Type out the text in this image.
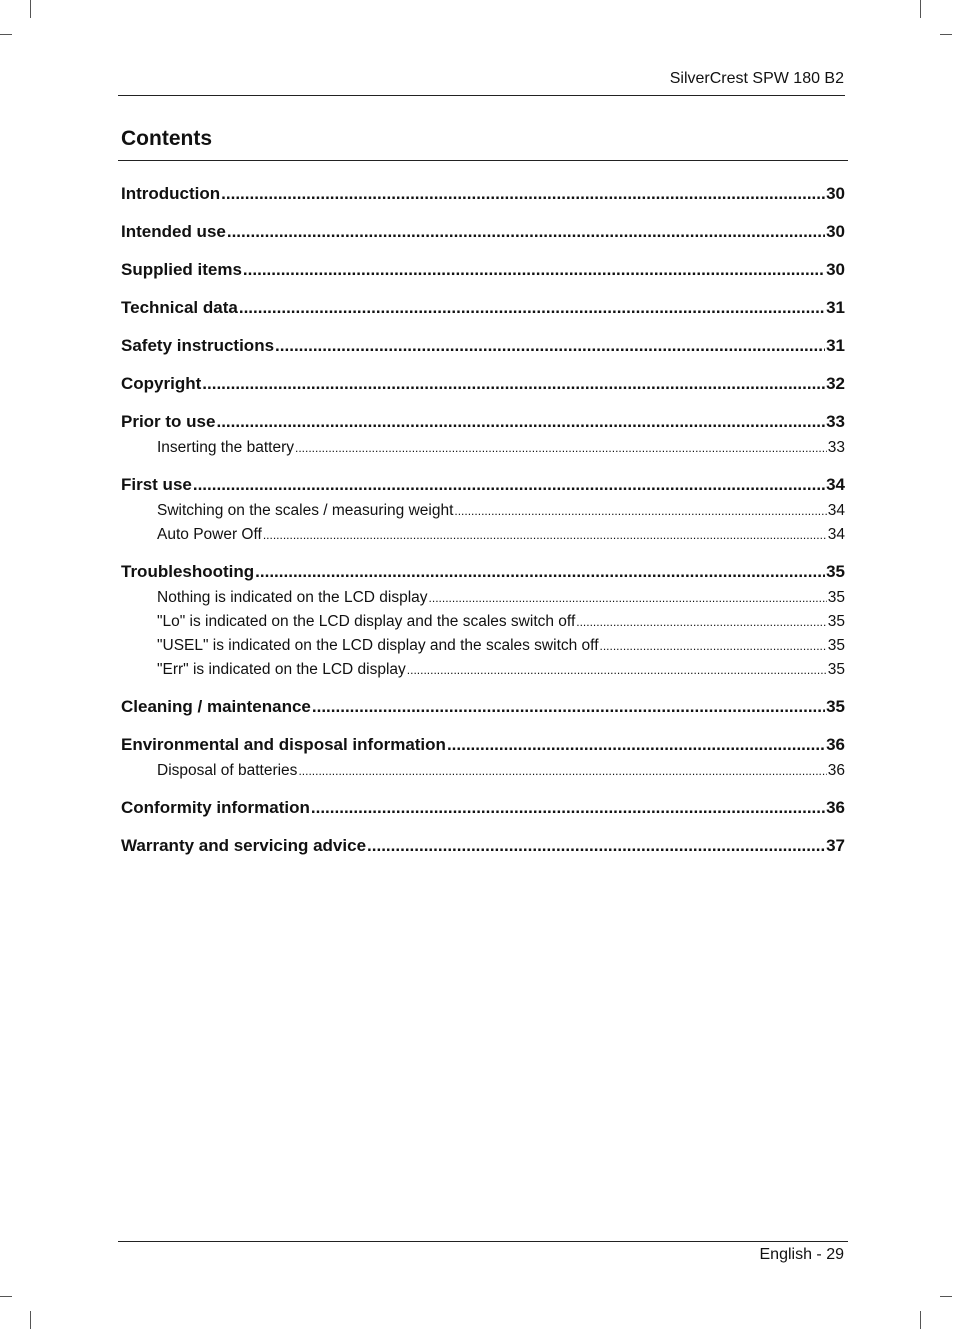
SilverCrest SPW 180 B2
Contents
Introduction .....	30
Intended use .....	30
Supplied items .....	30
Technical data .....	31
Safety instructions .....	31
Copyright .....	32
Prior to use .....	33
Inserting the battery .....	33
First use .....	34
Switching on the scales / measuring weight .....	34
Auto Power Off .....	34
Troubleshooting .....	35
Nothing is indicated on the LCD display .....	35
"Lo" is indicated on the LCD display and the scales switch off .....	35
"USEL" is indicated on the LCD display and the scales switch off .....	35
"Err" is indicated on the LCD display .....	35
Cleaning / maintenance .....	35
Environmental and disposal information .....	36
Disposal of batteries .....	36
Conformity information .....	36
Warranty and servicing advice .....	37
English - 29
